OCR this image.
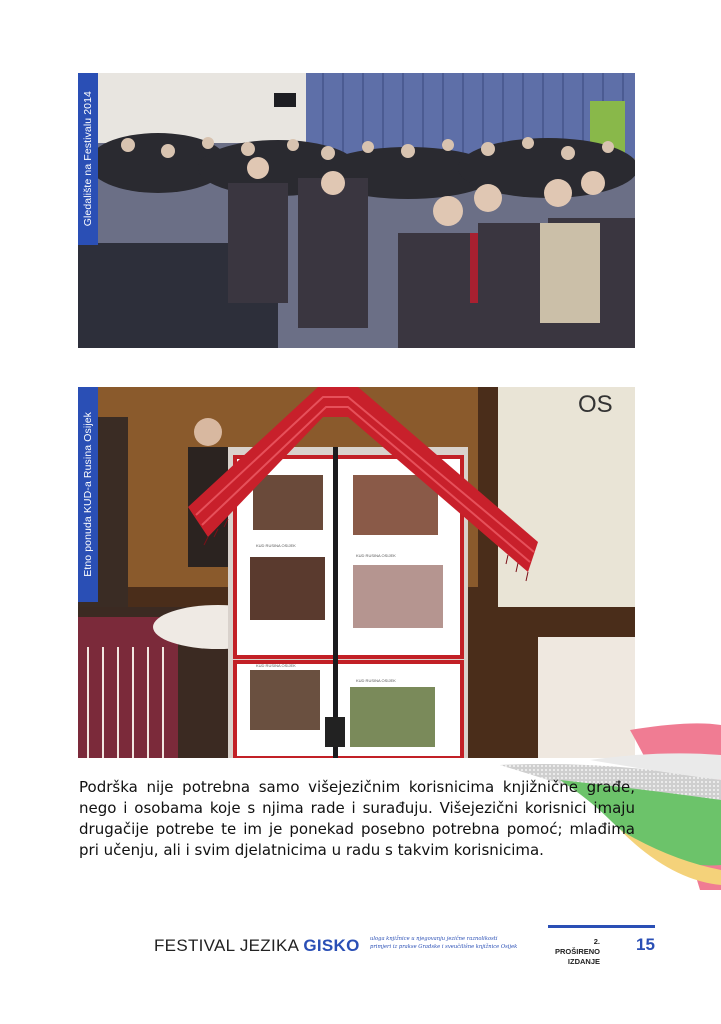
Gledalište na Festivalu 2014
OS
KUD RUSINA OSIJEK
KUD RUSINA OSIJEK
KUD RUSINA OSIJEK
KUD RUSINA OSIJEK
Etno ponuda KUD-a Rusina Osijek
Podrška nije potrebna samo višejezičnim korisnicima knjižnične građe, nego i osobama koje s njima rade i surađuju. Višejezični korisnici imaju drugačije potrebe te im je ponekad posebno potrebna pomoć; mlađima pri učenju, ali i svim djelatnicima u radu s takvim korisnicima.
FESTIVAL JEZIKA GISKO uloga knjižnice u njegovanju jezične raznolikosti
primjeri iz prakse Gradske i sveučilišne knjižnice Osijek
2. PROŠIRENO
IZDANJE
15
